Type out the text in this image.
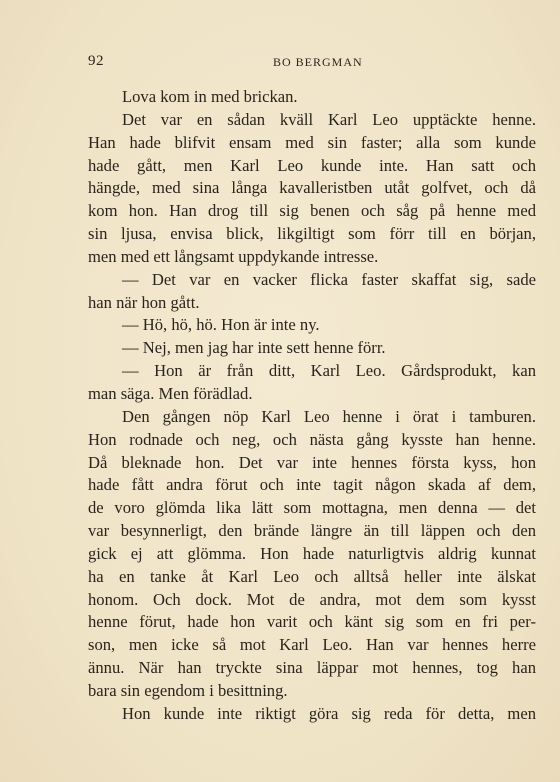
92	BO BERGMAN
Lova kom in med brickan.
Det var en sådan kväll Karl Leo upptäckte henne.
Han hade blifvit ensam med sin faster; alla som kunde
hade gått, men Karl Leo kunde inte. Han satt och
hängde, med sina långa kavalleristben utåt golfvet, och då
kom hon. Han drog till sig benen och såg på henne med
sin ljusa, envisa blick, likgiltigt som förr till en början,
men med ett långsamt uppdykande intresse.
— Det var en vacker flicka faster skaffat sig, sade
han när hon gått.
— Hö, hö, hö. Hon är inte ny.
— Nej, men jag har inte sett henne förr.
— Hon är från ditt, Karl Leo. Gårdsprodukt, kan
man säga. Men förädlad.
Den gången nöp Karl Leo henne i örat i tamburen.
Hon rodnade och neg, och nästa gång kysste han henne.
Då bleknade hon. Det var inte hennes första kyss, hon
hade fått andra förut och inte tagit någon skada af dem,
de voro glömda lika lätt som mottagna, men denna — det
var besynnerligt, den brände längre än till läppen och den
gick ej att glömma. Hon hade naturligtvis aldrig kunnat
ha en tanke åt Karl Leo och alltså heller inte älskat
honom. Och dock. Mot de andra, mot dem som kysst
henne förut, hade hon varit och känt sig som en fri per-
son, men icke så mot Karl Leo. Han var hennes herre
ännu. När han tryckte sina läppar mot hennes, tog han
bara sin egendom i besittning.
Hon kunde inte riktigt göra sig reda för detta, men
